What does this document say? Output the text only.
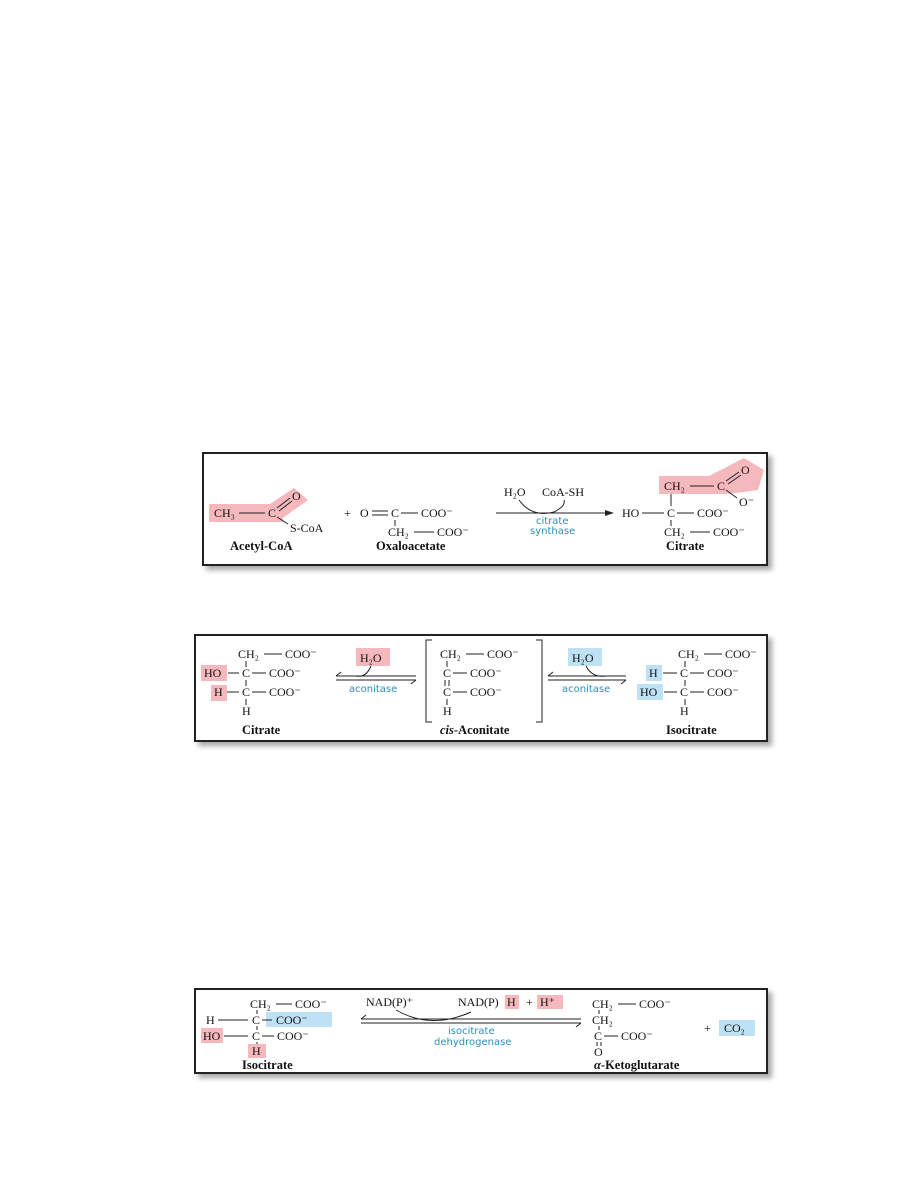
CH₃	C
O
S-CoA
Acetyl-CoA
+ O C COO⁻
CH₂ COO⁻
Oxaloacetate
H₂O CoA-SH
citrate
synthase
CH₂	C
O
O⁻
HO C COO⁻
CH₂ COO⁻
Citrate
CH₂ COO⁻
HO C COO⁻
H C COO⁻
H
Citrate
H₂O
aconitase
CH₂ COO⁻
C COO⁻
C COO⁻
H
cis-Aconitate
H₂O
aconitase
CH₂ COO⁻
H C COO⁻
HO C COO⁻
H
Isocitrate
CH₂ COO⁻
H	C COO⁻
HO	C COO⁻
H
Isocitrate
NAD(P)⁺	NAD(P) H + H⁺
isocitrate
dehydrogenase
CH₂ COO⁻
CH₂
C COO⁻
O
α-Ketoglutarate
+ CO₂
